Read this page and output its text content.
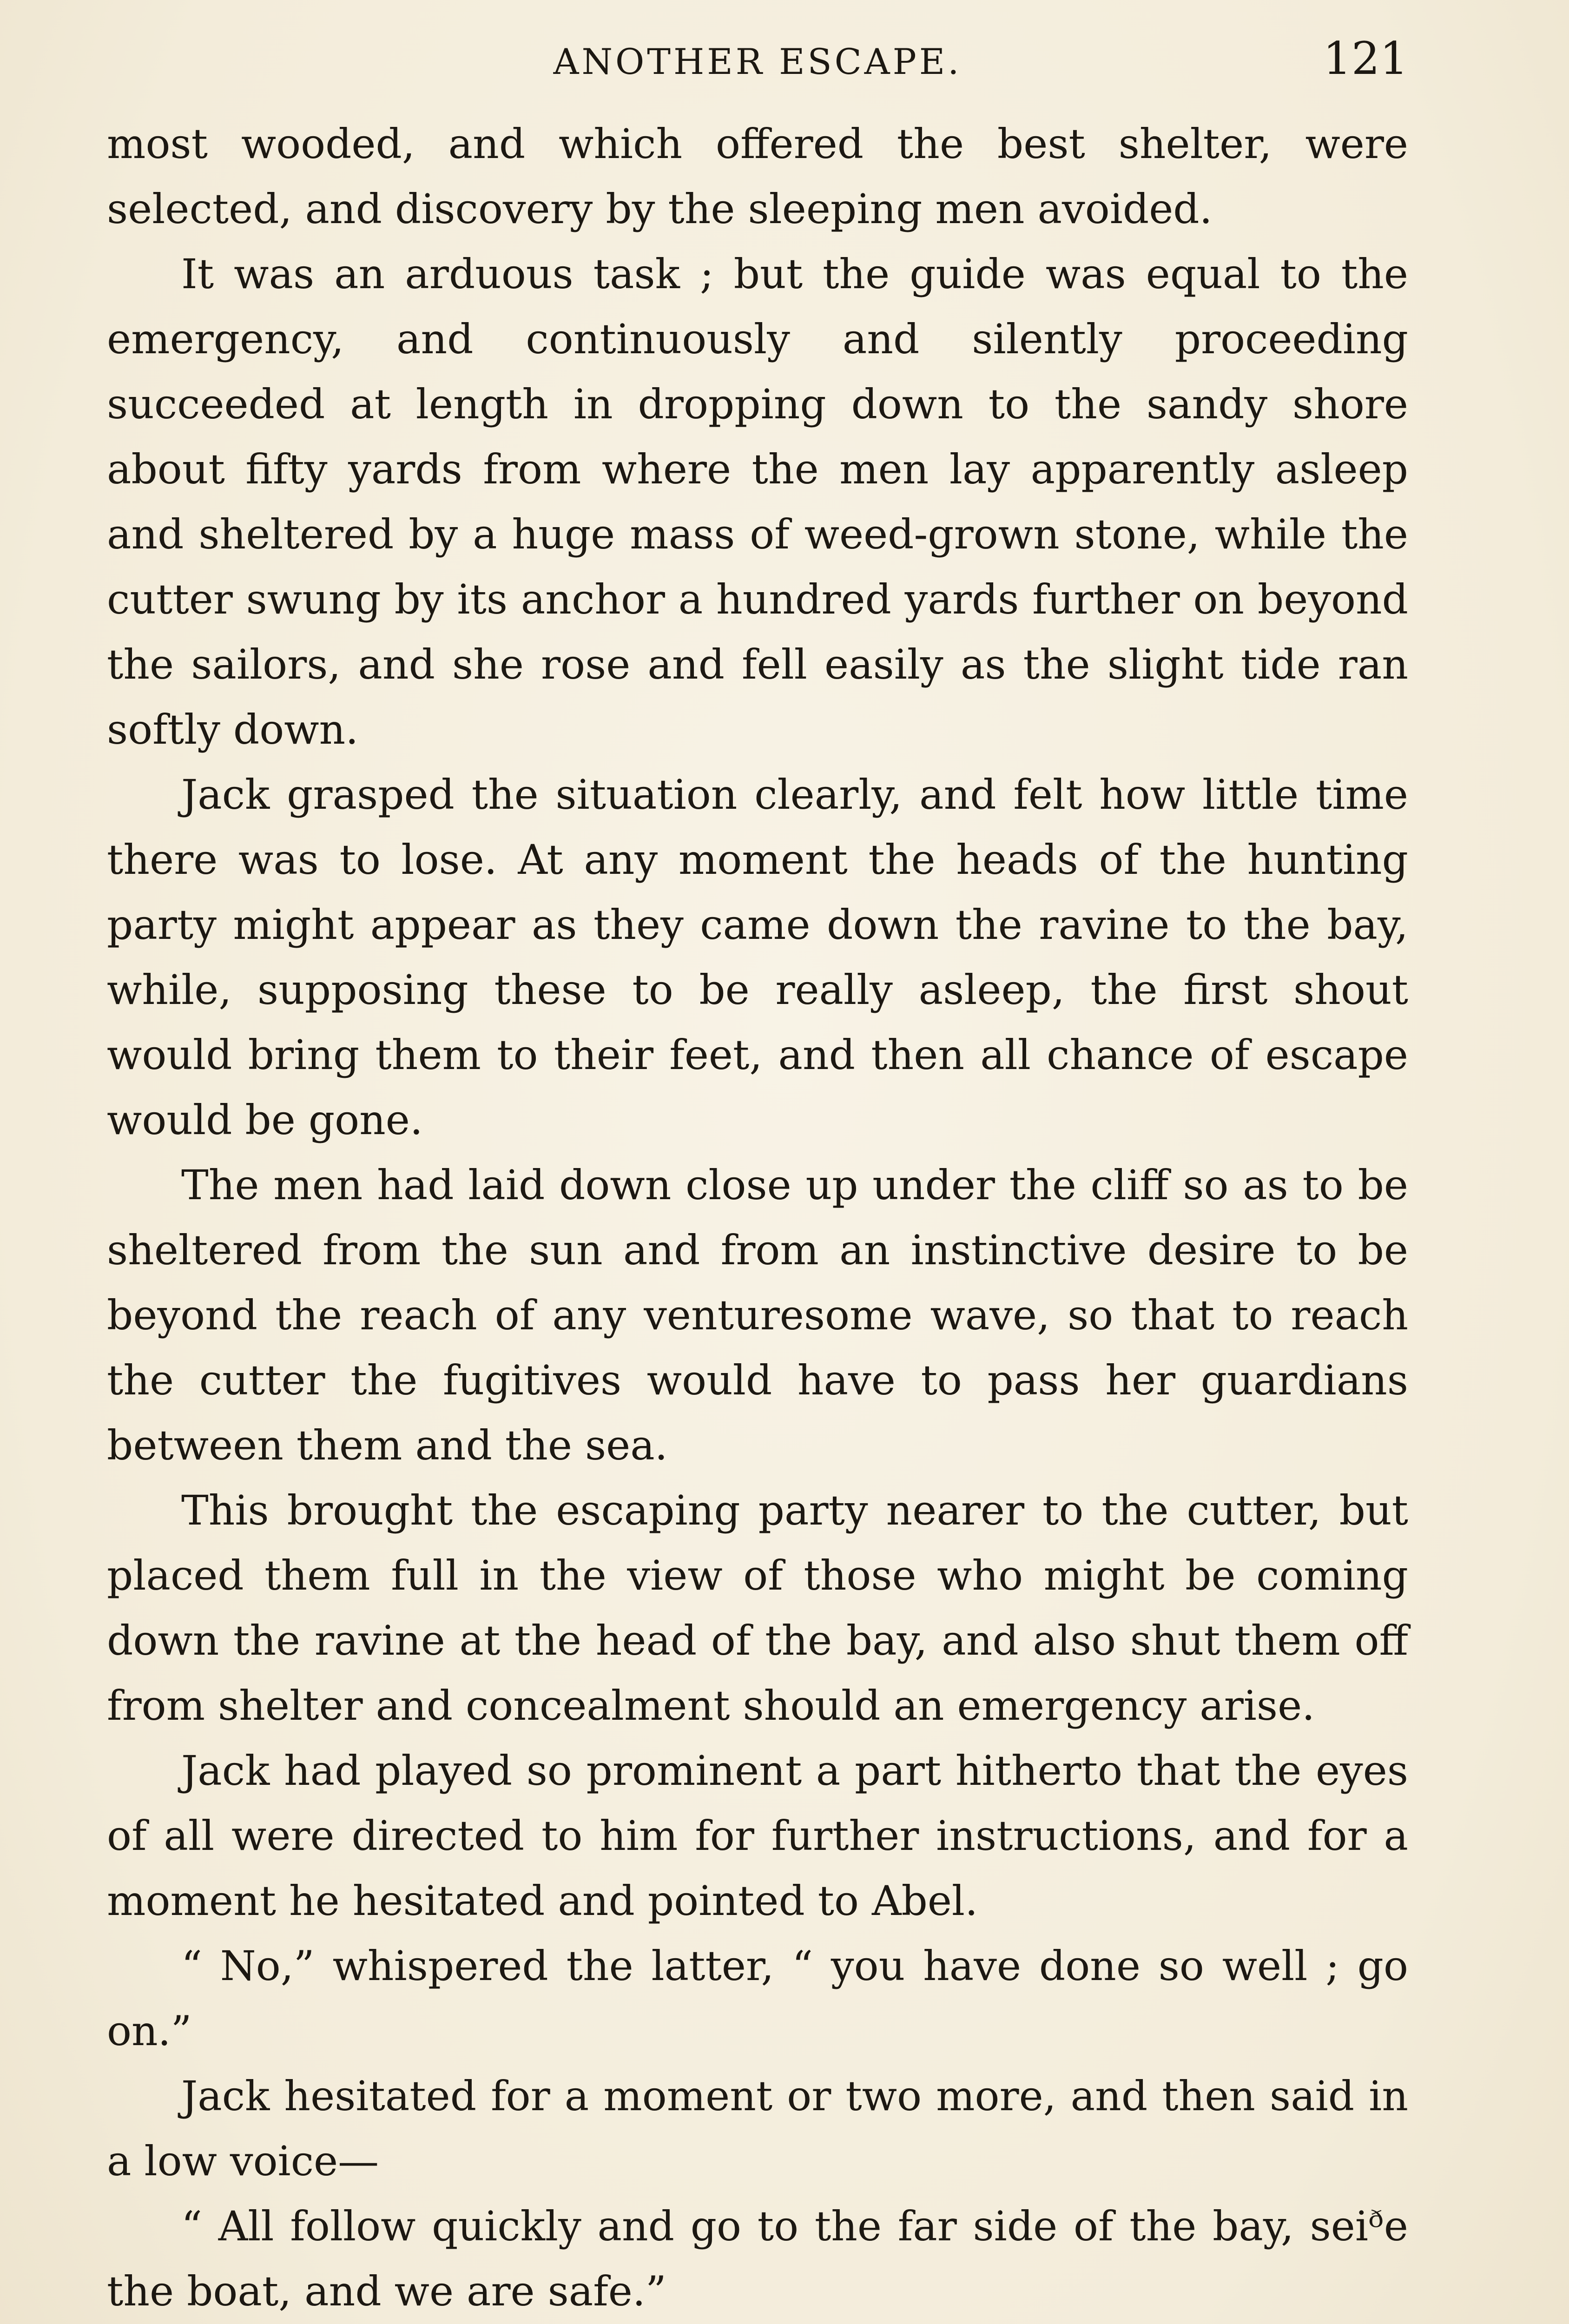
ANOTHER ESCAPE.	121

most wooded, and which offered the best shelter, were selected, and discovery by the sleeping men avoided.

It was an arduous task ; but the guide was equal to the emergency, and continuously and silently proceeding succeeded at length in dropping down to the sandy shore about fifty yards from where the men lay apparently asleep and sheltered by a huge mass of weed-grown stone, while the cutter swung by its anchor a hundred yards further on beyond the sailors, and she rose and fell easily as the slight tide ran softly down.

Jack grasped the situation clearly, and felt how little time there was to lose. At any moment the heads of the hunting party might appear as they came down the ravine to the bay, while, supposing these to be really asleep, the first shout would bring them to their feet, and then all chance of escape would be gone.

The men had laid down close up under the cliff so as to be sheltered from the sun and from an instinctive desire to be beyond the reach of any venturesome wave, so that to reach the cutter the fugitives would have to pass her guardians between them and the sea.

This brought the escaping party nearer to the cutter, but placed them full in the view of those who might be coming down the ravine at the head of the bay, and also shut them off from shelter and concealment should an emergency arise.

Jack had played so prominent a part hitherto that the eyes of all were directed to him for further instructions, and for a moment he hesitated and pointed to Abel.

“ No,” whispered the latter, “ you have done so well ; go on.”

Jack hesitated for a moment or two more, and then said in a low voice—

“ All follow quickly and go to the far side of the bay, seiᶞe the boat, and we are safe.”
